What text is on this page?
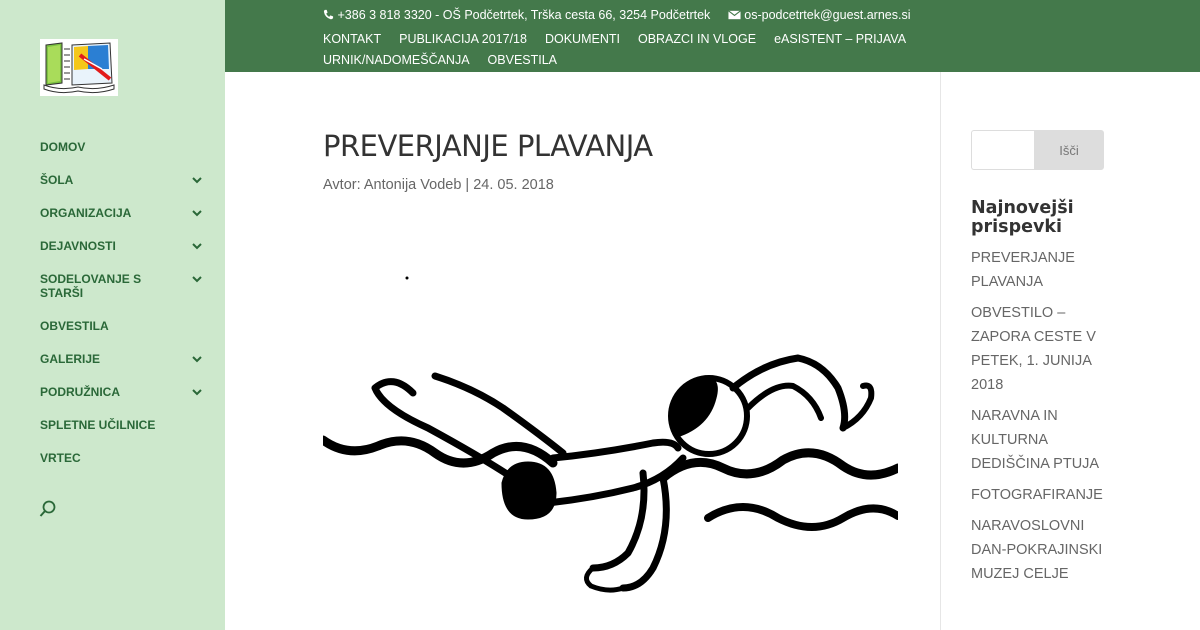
DOMOV
ŠOLA
ORGANIZACIJA
DEJAVNOSTI
SODELOVANJE S STARŠI
OBVESTILA
GALERIJE
PODRUŽNICA
SPLETNE UČILNICE
VRTEC
+386 3 818 3320 - OŠ Podčetrtek, Trška cesta 66, 3254 Podčetrtek	os-podcetrtek@guest.arnes.si
KONTAKT PUBLIKACIJA 2017/18 DOKUMENTI OBRAZCI IN VLOGE eASISTENT – PRIJAVAURNIK/NADOMEŠČANJA OBVESTILA
PREVERJANJE PLAVANJA

Avtor: Antonija Vodeb | 24. 05. 2018

Išči
Najnovejši prispevki
PREVERJANJE PLAVANJA
OBVESTILO – ZAPORA CESTE V PETEK, 1. JUNIJA 2018
NARAVNA IN KULTURNA DEDIŠČINA PTUJA
FOTOGRAFIRANJE
NARAVOSLOVNI DAN-POKRAJINSKI MUZEJ CELJE
